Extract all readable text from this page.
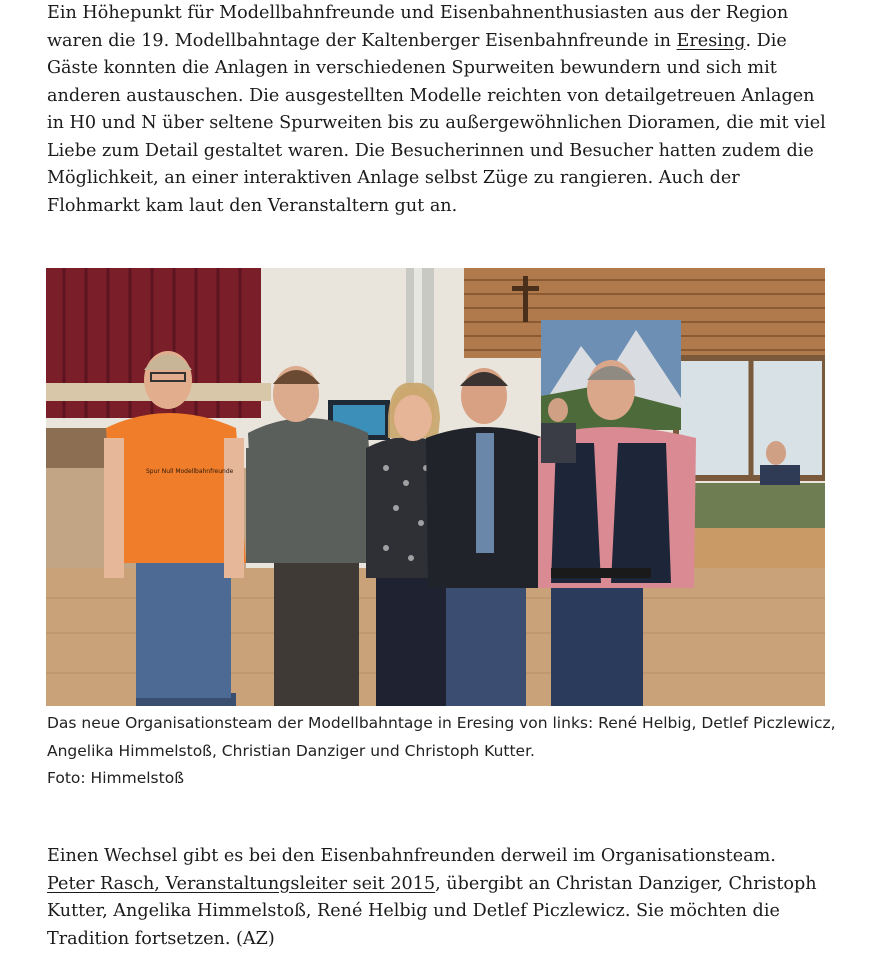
Ein Höhepunkt für Modellbahnfreunde und Eisenbahnenthusiasten aus der Region waren die 19. Modellbahntage der Kaltenberger Eisenbahnfreunde in Eresing. Die Gäste konnten die Anlagen in verschiedenen Spurweiten bewundern und sich mit anderen austauschen. Die ausgestellten Modelle reichten von detailgetreuen Anlagen in H0 und N über seltene Spurweiten bis zu außergewöhnlichen Dioramen, die mit viel Liebe zum Detail gestaltet waren. Die Besucherinnen und Besucher hatten zudem die Möglichkeit, an einer interaktiven Anlage selbst Züge zu rangieren. Auch der Flohmarkt kam laut den Veranstaltern gut an.

Spur Null Modellbahnfreunde

Das neue Organisationsteam der Modellbahntage in Eresing von links: René Helbig, Detlef Piczlewicz, Angelika Himmelstoß, Christian Danziger und Christoph Kutter.
Foto: Himmelstoß

Einen Wechsel gibt es bei den Eisenbahnfreunden derweil im Organisationsteam. Peter Rasch, Veranstaltungsleiter seit 2015, übergibt an Christan Danziger, Christoph Kutter, Angelika Himmelstoß, René Helbig und Detlef Piczlewicz. Sie möchten die Tradition fortsetzen. (AZ)
